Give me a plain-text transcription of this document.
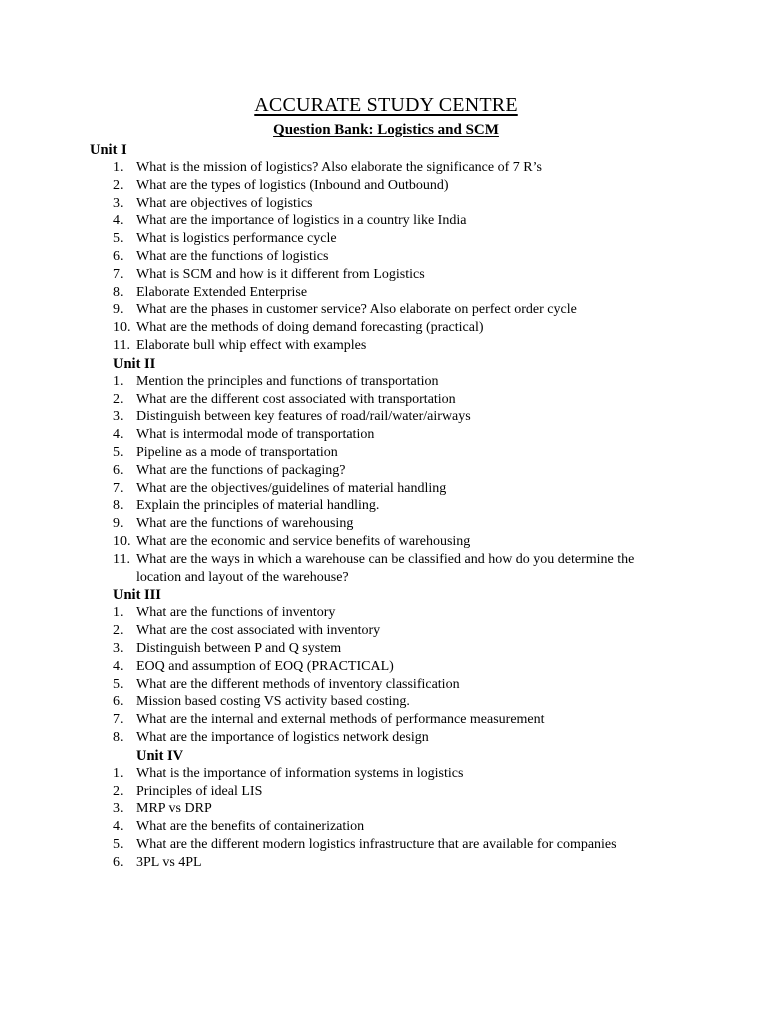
ACCURATE STUDY CENTRE
Question Bank: Logistics and SCM
Unit I
1. What is the mission of logistics? Also elaborate the significance of 7 R’s
2. What are the types of logistics (Inbound and Outbound)
3. What are objectives of logistics
4. What are the importance of logistics in a country like India
5. What is logistics performance cycle
6. What are the functions of logistics
7. What is SCM and how is it different from Logistics
8. Elaborate Extended Enterprise
9. What are the phases in customer service? Also elaborate on perfect order cycle
10. What are the methods of doing demand forecasting (practical)
11. Elaborate bull whip effect with examples
Unit II
1. Mention the principles and functions of transportation
2. What are the different cost associated with transportation
3. Distinguish between key features of road/rail/water/airways
4. What is intermodal mode of transportation
5. Pipeline as a mode of transportation
6. What are the functions of packaging?
7. What are the objectives/guidelines of material handling
8. Explain the principles of material handling.
9. What are the functions of warehousing
10. What are the economic and service benefits of warehousing
11. What are the ways in which a warehouse can be classified and how do you determine the location and layout of the warehouse?
Unit III
1. What are the functions of inventory
2. What are the cost associated with inventory
3. Distinguish between P and Q system
4. EOQ and assumption of EOQ (PRACTICAL)
5. What are the different methods of inventory classification
6. Mission based costing VS activity based costing.
7. What are the internal and external methods of performance measurement
8. What are the importance of logistics network design
Unit IV
1. What is the importance of information systems in logistics
2. Principles of ideal LIS
3. MRP vs DRP
4. What are the benefits of containerization
5. What are the different modern logistics infrastructure that are available for companies
6. 3PL vs 4PL
